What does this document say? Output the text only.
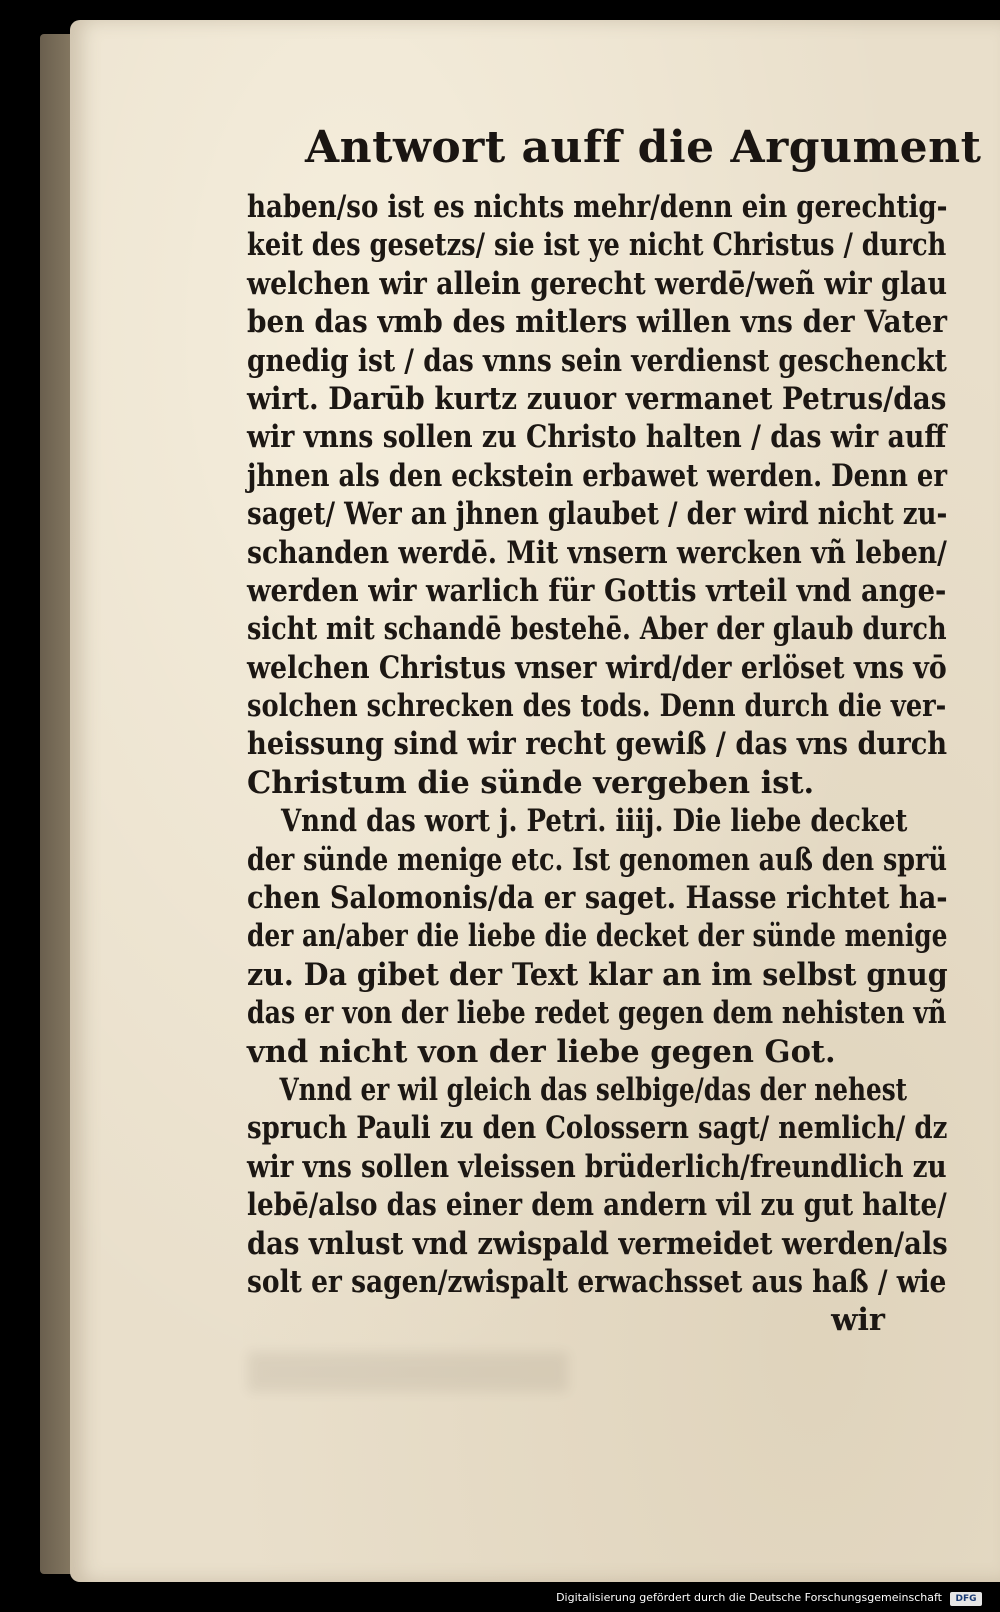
Antwort auff die Argument
haben/so ist es nichts mehr/denn ein gerechtig-
keit des gesetzs/ sie ist ye nicht Christus / durch
welchen wir allein gerecht werdē/weñ wir glau
ben das vmb des mitlers willen vns der Vater
gnedig ist / das vnns sein verdienst geschenckt
wirt. Darūb kurtz zuuor vermanet Petrus/das
wir vnns sollen zu Christo halten / das wir auff
jhnen als den eckstein erbawet werden. Denn er
saget/ Wer an jhnen glaubet / der wird nicht zu-
schanden werdē. Mit vnsern wercken vñ leben/
werden wir warlich für Gottis vrteil vnd ange-
sicht mit schandē bestehē. Aber der glaub durch
welchen Christus vnser wird/der erlöset vns vō
solchen schrecken des tods. Denn durch die ver-
heissung sind wir recht gewiß / das vns durch
Christum die sünde vergeben ist.
Vnnd das wort j. Petri. iiij. Die liebe decket
der sünde menige etc. Ist genomen auß den sprü
chen Salomonis/da er saget. Hasse richtet ha-
der an/aber die liebe die decket der sünde menige
zu. Da gibet der Text klar an im selbst gnug
das er von der liebe redet gegen dem nehisten vñ
vnd nicht von der liebe gegen Got.
Vnnd er wil gleich das selbige/das der nehest
spruch Pauli zu den Colossern sagt/ nemlich/ dz
wir vns sollen vleissen brüderlich/freundlich zu
lebē/also das einer dem andern vil zu gut halte/
das vnlust vnd zwispald vermeidet werden/als
solt er sagen/zwispalt erwachsset aus haß / wie
wir
Digitalisierung gefördert durch die Deutsche Forschungsgemeinschaft	DFG
